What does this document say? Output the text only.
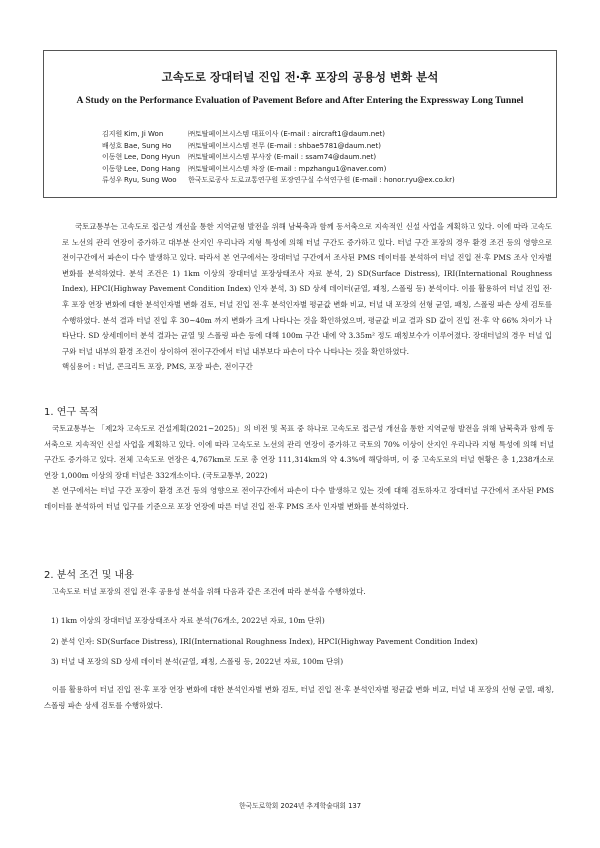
고속도로 장대터널 진입 전·후 포장의 공용성 변화 분석
A Study on the Performance Evaluation of Pavement Before and After Entering the Expressway Long Tunnel
김지원 Kim, Ji Won	㈜토탈페이브시스템 대표이사 (E-mail : aircraft1@daum.net)
배성호 Bae, Sung Ho	㈜토탈페이브시스템 전무 (E-mail : shbae5781@daum.net)
이동현 Lee, Dong Hyun	㈜토탈페이브시스템 부사장 (E-mail : ssam74@daum.net)
이동향 Lee, Dong Hang	㈜토탈페이브시스템 차장 (E-mail : mpzhangu1@naver.com)
류성우 Ryu, Sung Woo	한국도로공사 도로교통연구원 포장연구실 수석연구원 (E-mail : honor.ryu@ex.co.kr)

국토교통부는 고속도로 접근성 개선을 통한 지역균형 발전을 위해 남북축과 함께 동서축으로 지속적인 신설 사업을 계획하고 있다. 이에 따라 고속도로 노선의 관리 연장이 증가하고 대부분 산지인 우리나라 지형 특성에 의해 터널 구간도 증가하고 있다. 터널 구간 포장의 경우 환경 조건 등의 영향으로 전이구간에서 파손이 다수 발생하고 있다. 따라서 본 연구에서는 장대터널 구간에서 조사된 PMS 데이터를 분석하여 터널 진입 전·후 PMS 조사 인자별 변화를 분석하였다. 분석 조건은 1) 1km 이상의 장대터널 포장상태조사 자료 분석, 2) SD(Surface Distress), IRI(International Roughness Index), HPCI(Highway Pavement Condition Index) 인자 분석, 3) SD 상세 데이터(균열, 패칭, 스폴링 등) 분석이다. 이를 활용하여 터널 진입 전·후 포장 연장 변화에 대한 분석인자별 변화 검토, 터널 진입 전·후 분석인자별 평균값 변화 비교, 터널 내 포장의 선형 균열, 패칭, 스폴링 파손 상세 검토를 수행하였다. 분석 결과 터널 진입 후 30~40m 까지 변화가 크게 나타나는 것을 확인하였으며, 평균값 비교 결과 SD 값이 진입 전·후 약 66% 차이가 나타난다. SD 상세데이터 분석 결과는 균열 및 스폴링 파손 등에 대해 100m 구간 내에 약 3.35m² 정도 패칭보수가 이루어졌다. 장대터널의 경우 터널 입구와 터널 내부의 환경 조건이 상이하여 전이구간에서 터널 내부보다 파손이 다수 나타나는 것을 확인하였다.

핵심용어 : 터널, 콘크리트 포장, PMS, 포장 파손, 전이구간

1. 연구 목적

국토교통부는 「제2차 고속도로 건설계획(2021~2025)」의 비전 및 목표 중 하나로 고속도로 접근성 개선을 통한 지역균형 발전을 위해 남북축과 함께 동서축으로 지속적인 신설 사업을 계획하고 있다. 이에 따라 고속도로 노선의 관리 연장이 증가하고 국토의 70% 이상이 산지인 우리나라 지형 특성에 의해 터널 구간도 증가하고 있다. 전체 고속도로 연장은 4,767km로 도로 총 연장 111,314km의 약 4.3%에 해당하며, 이 중 고속도로의 터널 현황은 총 1,238개소로 연장 1,000m 이상의 장대 터널은 332개소이다. (국토교통부, 2022)

본 연구에서는 터널 구간 포장이 환경 조건 등의 영향으로 전이구간에서 파손이 다수 발생하고 있는 것에 대해 검토하자고 장대터널 구간에서 조사된 PMS 데이터를 분석하여 터널 입구를 기준으로 포장 연장에 따른 터널 진입 전·후 PMS 조사 인자별 변화를 분석하였다.

2. 분석 조건 및 내용

고속도로 터널 포장의 진입 전·후 공용성 분석을 위해 다음과 같은 조건에 따라 분석을 수행하였다.

1) 1km 이상의 장대터널 포장상태조사 자료 분석(76개소, 2022년 자료, 10m 단위)
2) 분석 인자: SD(Surface Distress), IRI(International Roughness Index), HPCI(Highway Pavement Condition Index)
3) 터널 내 포장의 SD 상세 데이터 분석(균열, 패칭, 스폴링 등, 2022년 자료, 100m 단위)

이를 활용하여 터널 진입 전·후 포장 연장 변화에 대한 분석인자별 변화 검토, 터널 진입 전·후 분석인자별 평균값 변화 비교, 터널 내 포장의 선형 균열, 패칭, 스폴링 파손 상세 검토를 수행하였다.

한국도로학회 2024년 추계학술대회 137
